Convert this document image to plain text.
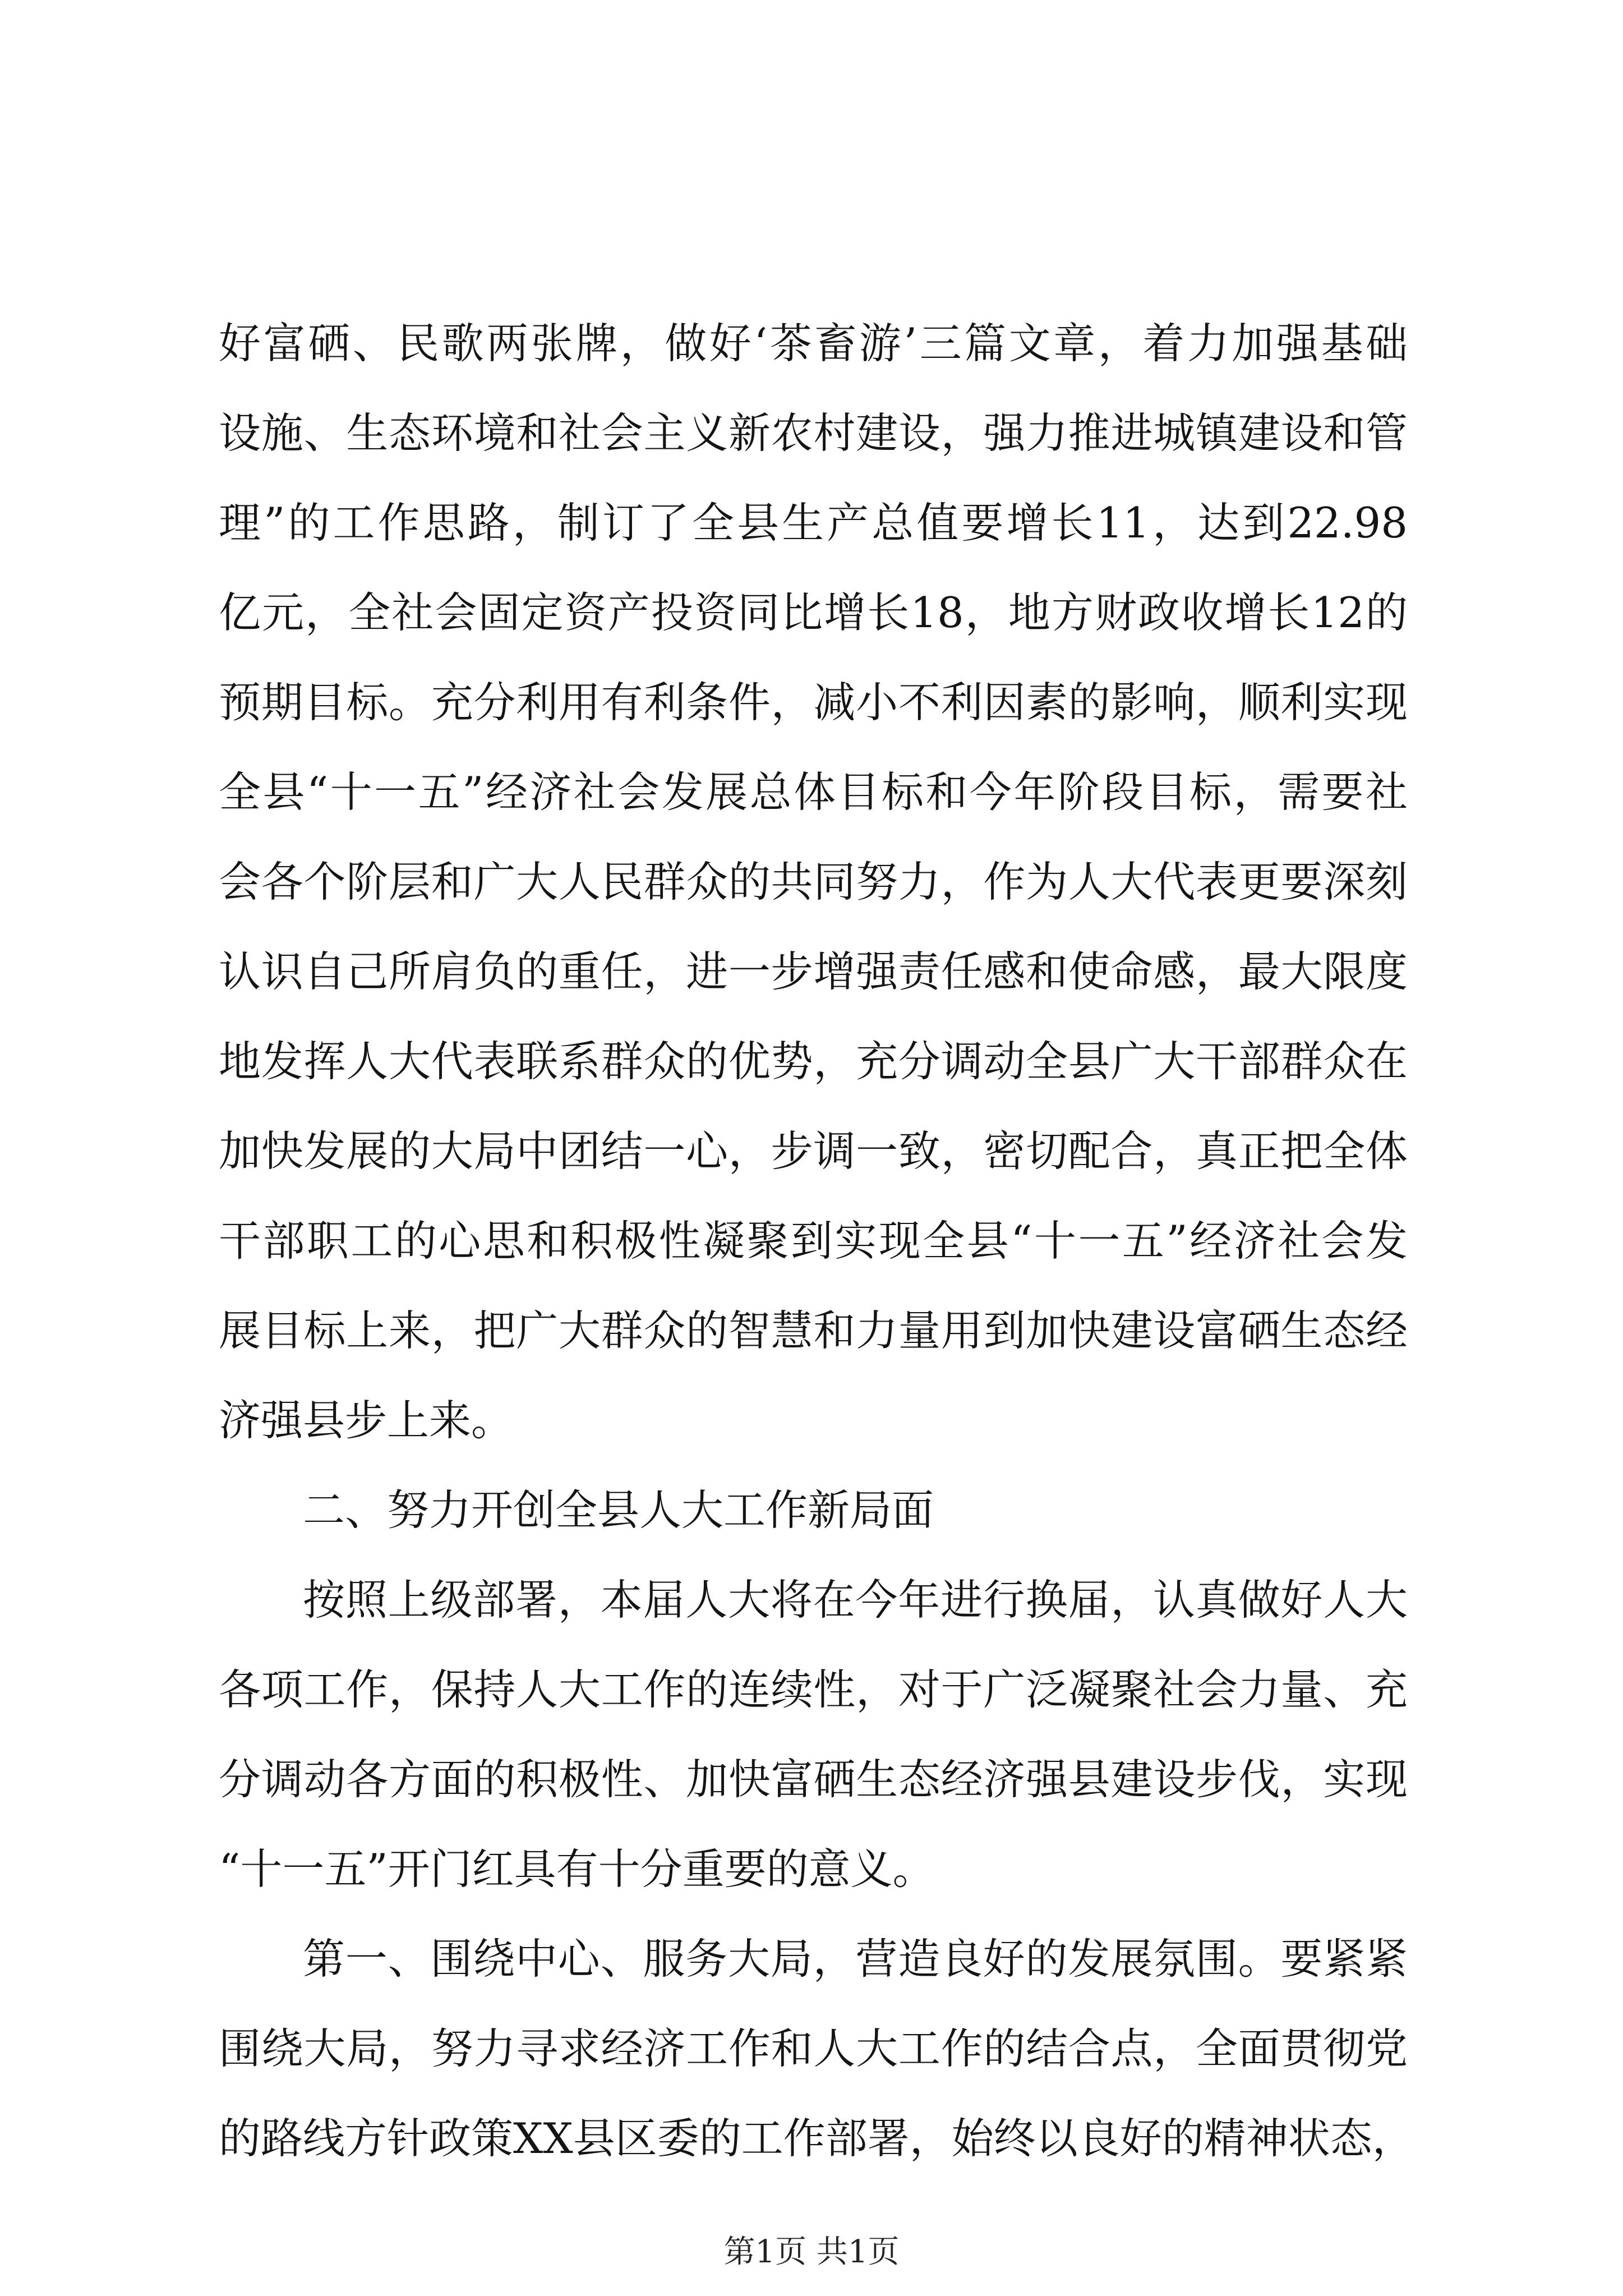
好富硒、民歌两张牌，做好‘茶畜游’三篇文章，着力加强基础
设施、生态环境和社会主义新农村建设，强力推进城镇建设和管
理”的工作思路，制订了全县生产总值要增长11，达到22.98
亿元，全社会固定资产投资同比增长18，地方财政收增长12的
预期目标。充分利用有利条件，减小不利因素的影响，顺利实现
全县“十一五”经济社会发展总体目标和今年阶段目标，需要社
会各个阶层和广大人民群众的共同努力，作为人大代表更要深刻
认识自己所肩负的重任，进一步增强责任感和使命感，最大限度
地发挥人大代表联系群众的优势，充分调动全县广大干部群众在
加快发展的大局中团结一心，步调一致，密切配合，真正把全体
干部职工的心思和积极性凝聚到实现全县“十一五”经济社会发
展目标上来，把广大群众的智慧和力量用到加快建设富硒生态经
济强县步上来。
二、努力开创全县人大工作新局面
按照上级部署，本届人大将在今年进行换届，认真做好人大
各项工作，保持人大工作的连续性，对于广泛凝聚社会力量、充
分调动各方面的积极性、加快富硒生态经济强县建设步伐，实现
“十一五”开门红具有十分重要的意义。
第一、围绕中心、服务大局，营造良好的发展氛围。要紧紧
围绕大局，努力寻求经济工作和人大工作的结合点，全面贯彻党
的路线方针政策XX县区委的工作部署，始终以良好的精神状态，
第1页 共1页
